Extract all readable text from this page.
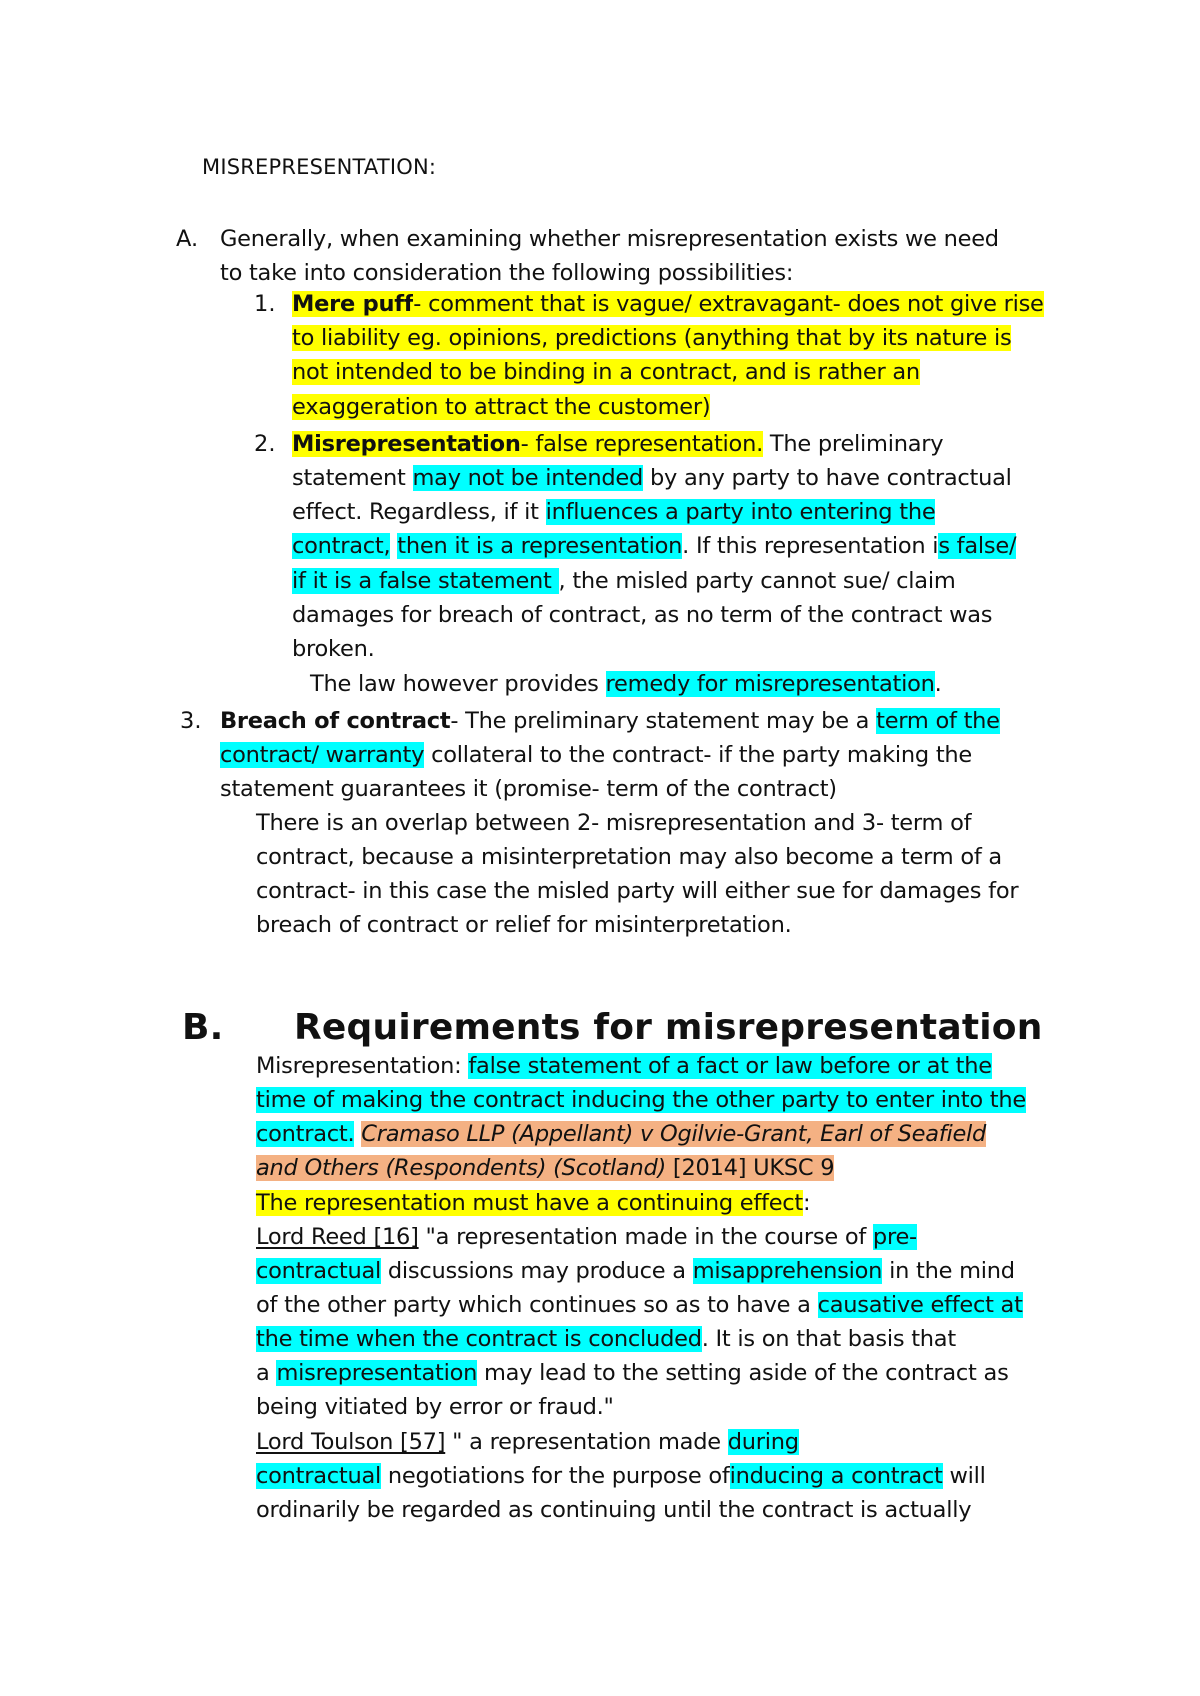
A.
1.
2.
3.
B.
MISREPRESENTATION:
Generally, when examining whether misrepresentation exists we need
to take into consideration the following possibilities:
Mere puff- comment that is vague/ extravagant- does not give rise
to liability eg. opinions, predictions (anything that by its nature is
not intended to be binding in a contract, and is rather an
exaggeration to attract the customer)
Misrepresentation- false representation. The preliminary
statement may not be intended by any party to have contractual
effect. Regardless, if it influences a party into entering the
contract, then it is a representation. If this representation is false/
if it is a false statement , the misled party cannot sue/ claim
damages for breach of contract, as no term of the contract was
broken.
The law however provides remedy for misrepresentation.
Breach of contract- The preliminary statement may be a term of the
contract/ warranty collateral to the contract- if the party making the
statement guarantees it (promise- term of the contract)
There is an overlap between 2- misrepresentation and 3- term of
contract, because a misinterpretation may also become a term of a
contract- in this case the misled party will either sue for damages for
breach of contract or relief for misinterpretation.
Requirements for misrepresentation
Misrepresentation: false statement of a fact or law before or at the
time of making the contract inducing the other party to enter into the
contract. Cramaso LLP (Appellant) v Ogilvie-Grant, Earl of Seafield
and Others (Respondents) (Scotland) [2014] UKSC 9
The representation must have a continuing effect:
Lord Reed [16] "a representation made in the course of pre-
contractual discussions may produce a misapprehension in the mind
of the other party which continues so as to have a causative effect at
the time when the contract is concluded. It is on that basis that
a misrepresentation may lead to the setting aside of the contract as
being vitiated by error or fraud."
Lord Toulson [57] " a representation made during
contractual negotiations for the purpose ofinducing a contract will
ordinarily be regarded as continuing until the contract is actually
